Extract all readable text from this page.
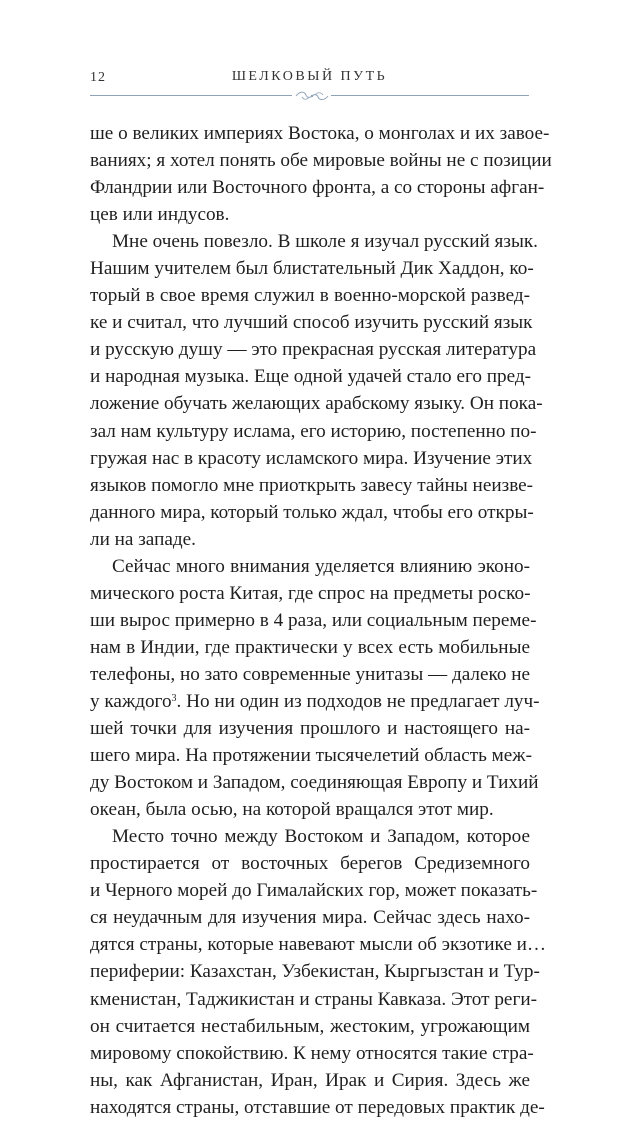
12	ШЕЛКОВЫЙ ПУТЬ
ше о великих империях Востока, о монголах и их завое-
ваниях; я хотел понять обе мировые войны не с позиции
Фландрии или Восточного фронта, а со стороны афган-
цев или индусов.
Мне очень повезло. В школе я изучал русский язык.
Нашим учителем был блистательный Дик Хаддон, ко-
торый в свое время служил в военно-морской развед-
ке и считал, что лучший способ изучить русский язык
и русскую душу — это прекрасная русская литература
и народная музыка. Еще одной удачей стало его пред-
ложение обучать желающих арабскому языку. Он пока-
зал нам культуру ислама, его историю, постепенно по-
гружая нас в красоту исламского мира. Изучение этих
языков помогло мне приоткрыть завесу тайны неизве-
данного мира, который только ждал, чтобы его откры-
ли на западе.
Сейчас много внимания уделяется влиянию эконо-
мического роста Китая, где спрос на предметы роско-
ши вырос примерно в 4 раза, или социальным переме-
нам в Индии, где практически у всех есть мобильные
телефоны, но зато современные унитазы — далеко не
у каждого$^3$. Но ни один из подходов не предлагает луч-
шей точки для изучения прошлого и настоящего на-
шего мира. На протяжении тысячелетий область меж-
ду Востоком и Западом, соединяющая Европу и Тихий
океан, была осью, на которой вращался этот мир.
Место точно между Востоком и Западом, которое
простирается от восточных берегов Средиземного
и Черного морей до Гималайских гор, может показать-
ся неудачным для изучения мира. Сейчас здесь нахо-
дятся страны, которые навевают мысли об экзотике и…
периферии: Казахстан, Узбекистан, Кыргызстан и Тур-
кменистан, Таджикистан и страны Кавказа. Этот реги-
он считается нестабильным, жестоким, угрожающим
мировому спокойствию. К нему относятся такие стра-
ны, как Афганистан, Иран, Ирак и Сирия. Здесь же
находятся страны, отставшие от передовых практик де-
